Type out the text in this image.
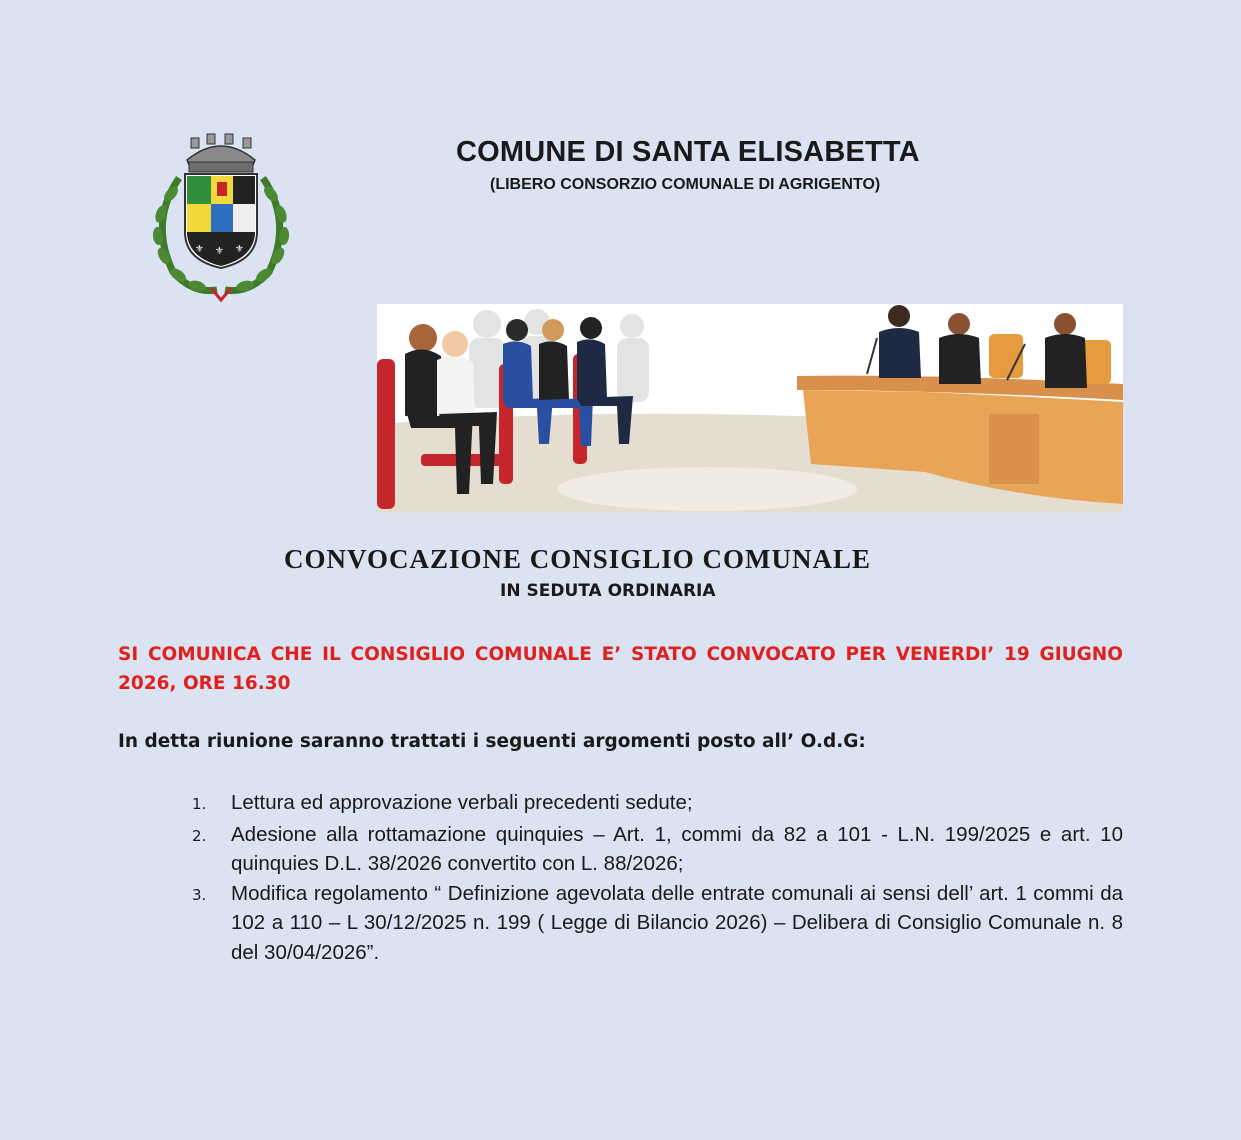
⚜ ⚜ ⚜
COMUNE DI SANTA ELISABETTA
(LIBERO CONSORZIO COMUNALE DI AGRIGENTO)
CONVOCAZIONE CONSIGLIO COMUNALE
IN SEDUTA ORDINARIA
SI COMUNICA CHE IL CONSIGLIO COMUNALE E’ STATO CONVOCATO PER VENERDI’ 19 GIUGNO 2026, ORE 16.30
In detta riunione saranno trattati i seguenti argomenti posto all’ O.d.G:
1.	Lettura ed approvazione verbali precedenti sedute;
2.	Adesione alla rottamazione quinquies – Art. 1, commi da 82 a 101 - L.N. 199/2025 e art. 10 quinquies D.L. 38/2026 convertito con L. 88/2026;
3.	Modifica regolamento “ Definizione agevolata delle entrate comunali ai sensi dell’ art. 1 commi da 102 a 110 – L 30/12/2025 n. 199 ( Legge di Bilancio 2026) – Delibera di Consiglio Comunale n. 8 del 30/04/2026”.
